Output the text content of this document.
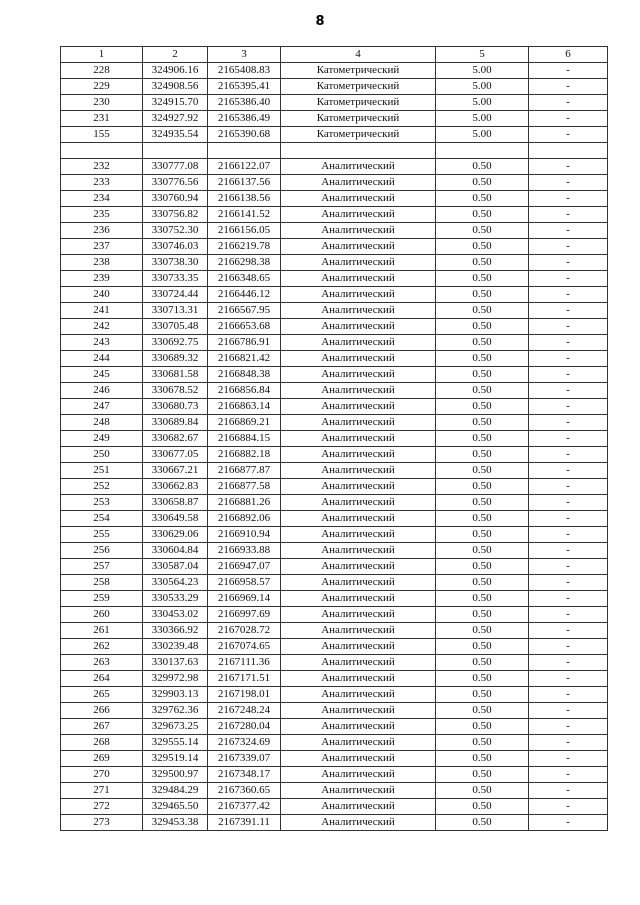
8
1	2	3	4	5	6
228	324906.16	2165408.83	Катометрический	5.00	-
229	324908.56	2165395.41	Катометрический	5.00	-
230	324915.70	2165386.40	Катометрический	5.00	-
231	324927.92	2165386.49	Катометрический	5.00	-
155	324935.54	2165390.68	Катометрический	5.00	-

232	330777.08	2166122.07	Аналитический	0.50	-
233	330776.56	2166137.56	Аналитический	0.50	-
234	330760.94	2166138.56	Аналитический	0.50	-
235	330756.82	2166141.52	Аналитический	0.50	-
236	330752.30	2166156.05	Аналитический	0.50	-
237	330746.03	2166219.78	Аналитический	0.50	-
238	330738.30	2166298.38	Аналитический	0.50	-
239	330733.35	2166348.65	Аналитический	0.50	-
240	330724.44	2166446.12	Аналитический	0.50	-
241	330713.31	2166567.95	Аналитический	0.50	-
242	330705.48	2166653.68	Аналитический	0.50	-
243	330692.75	2166786.91	Аналитический	0.50	-
244	330689.32	2166821.42	Аналитический	0.50	-
245	330681.58	2166848.38	Аналитический	0.50	-
246	330678.52	2166856.84	Аналитический	0.50	-
247	330680.73	2166863.14	Аналитический	0.50	-
248	330689.84	2166869.21	Аналитический	0.50	-
249	330682.67	2166884.15	Аналитический	0.50	-
250	330677.05	2166882.18	Аналитический	0.50	-
251	330667.21	2166877.87	Аналитический	0.50	-
252	330662.83	2166877.58	Аналитический	0.50	-
253	330658.87	2166881.26	Аналитический	0.50	-
254	330649.58	2166892.06	Аналитический	0.50	-
255	330629.06	2166910.94	Аналитический	0.50	-
256	330604.84	2166933.88	Аналитический	0.50	-
257	330587.04	2166947.07	Аналитический	0.50	-
258	330564.23	2166958.57	Аналитический	0.50	-
259	330533.29	2166969.14	Аналитический	0.50	-
260	330453.02	2166997.69	Аналитический	0.50	-
261	330366.92	2167028.72	Аналитический	0.50	-
262	330239.48	2167074.65	Аналитический	0.50	-
263	330137.63	2167111.36	Аналитический	0.50	-
264	329972.98	2167171.51	Аналитический	0.50	-
265	329903.13	2167198.01	Аналитический	0.50	-
266	329762.36	2167248.24	Аналитический	0.50	-
267	329673.25	2167280.04	Аналитический	0.50	-
268	329555.14	2167324.69	Аналитический	0.50	-
269	329519.14	2167339.07	Аналитический	0.50	-
270	329500.97	2167348.17	Аналитический	0.50	-
271	329484.29	2167360.65	Аналитический	0.50	-
272	329465.50	2167377.42	Аналитический	0.50	-
273	329453.38	2167391.11	Аналитический	0.50	-
